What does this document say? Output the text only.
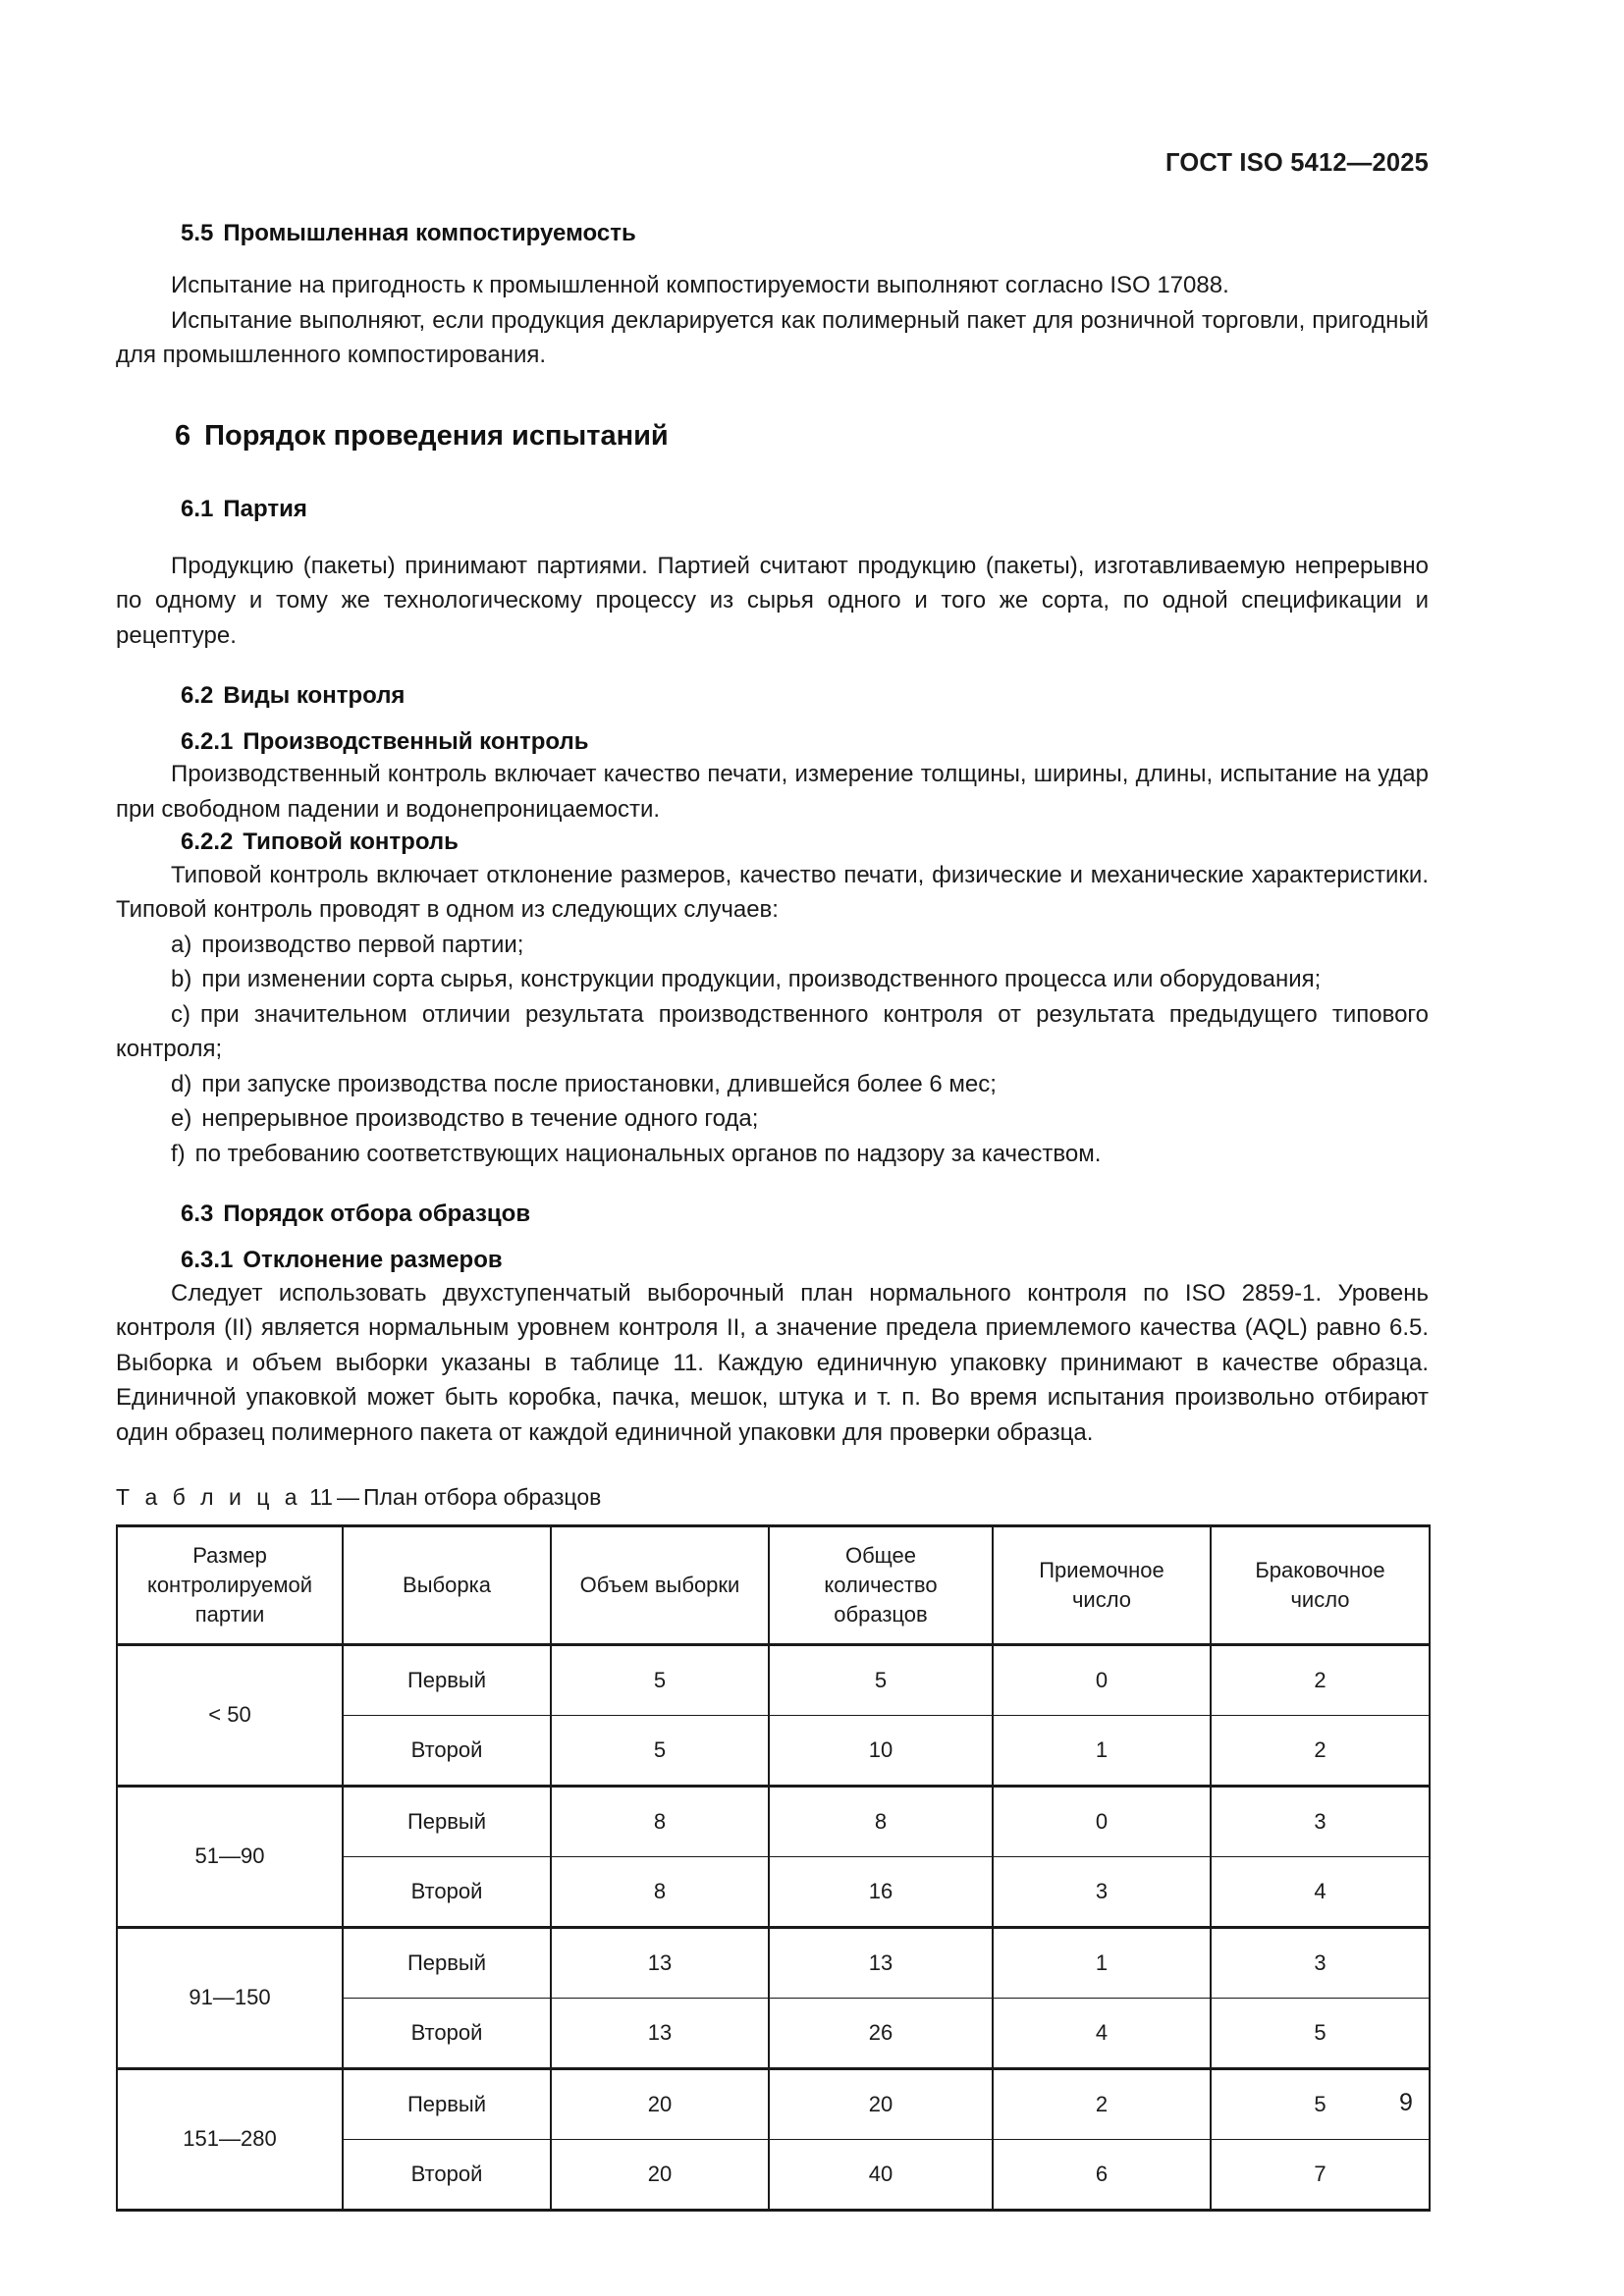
ГОСТ ISO 5412—2025
5.5 Промышленная компостируемость

Испытание на пригодность к промышленной компостируемости выполняют согласно ISO 17088.

Испытание выполняют, если продукция декларируется как полимерный пакет для розничной торговли, пригодный для промышленного компостирования.

6 Порядок проведения испытаний
6.1 Партия

Продукцию (пакеты) принимают партиями. Партией считают продукцию (пакеты), изготавливаемую непрерывно по одному и тому же технологическому процессу из сырья одного и того же сорта, по одной спецификации и рецептуре.

6.2 Виды контроля
6.2.1 Производственный контроль

Производственный контроль включает качество печати, измерение толщины, ширины, длины, испытание на удар при свободном падении и водонепроницаемости.

6.2.2 Типовой контроль

Типовой контроль включает отклонение размеров, качество печати, физические и механические характеристики. Типовой контроль проводят в одном из следующих случаев:

a) производство первой партии;

b) при изменении сорта сырья, конструкции продукции, производственного процесса или оборудования;

c) при значительном отличии результата производственного контроля от результата предыдущего типового контроля;

d) при запуске производства после приостановки, длившейся более 6 мес;

e) непрерывное производство в течение одного года;

f) по требованию соответствующих национальных органов по надзору за качеством.

6.3 Порядок отбора образцов
6.3.1 Отклонение размеров

Следует использовать двухступенчатый выборочный план нормального контроля по ISO 2859-1. Уровень контроля (II) является нормальным уровнем контроля II, а значение предела приемлемого качества (AQL) равно 6.5. Выборка и объем выборки указаны в таблице 11. Каждую единичную упаковку принимают в качестве образца. Единичной упаковкой может быть коробка, пачка, мешок, штука и т. п. Во время испытания произвольно отбирают один образец полимерного пакета от каждой единичной упаковки для проверки образца.

Т а б л и ц а 11 — План отбора образцов
Размер
контролируемой
партии	Выборка	Объем выборки	Общее
количество
образцов	Приемочное
число	Браковочное
число

< 50	Первый	5	5	0	2
	Второй	5	10	1	2
51—90	Первый	8	8	0	3
	Второй	8	16	3	4
91—150	Первый	13	13	1	3
	Второй	13	26	4	5
151—280	Первый	20	20	2	5
	Второй	20	40	6	7
9
